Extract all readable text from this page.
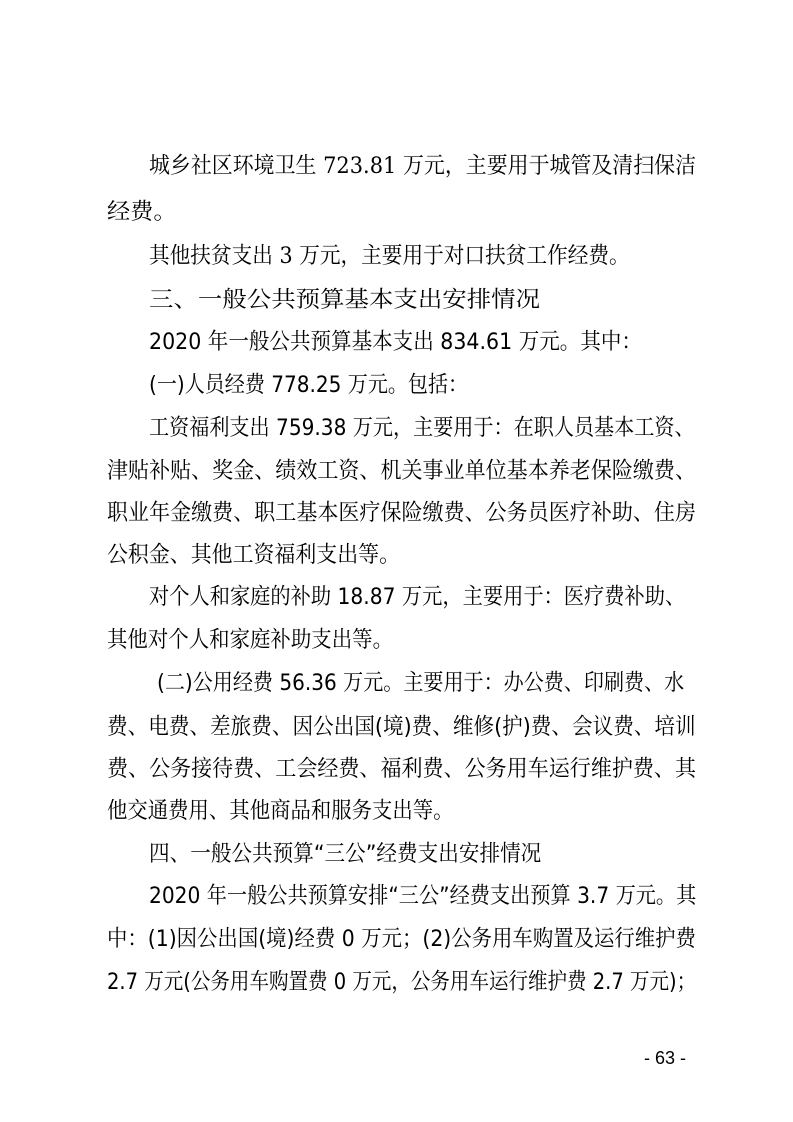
城乡社区环境卫生 723.81 万元，主要用于城管及清扫保洁

经费。

其他扶贫支出 3 万元，主要用于对口扶贫工作经费。

三、一般公共预算基本支出安排情况

2020 年一般公共预算基本支出 834.61 万元。其中：

(一)人员经费 778.25 万元。包括：

工资福利支出 759.38 万元，主要用于：在职人员基本工资、

津贴补贴、奖金、绩效工资、机关事业单位基本养老保险缴费、

职业年金缴费、职工基本医疗保险缴费、公务员医疗补助、住房

公积金、其他工资福利支出等。

对个人和家庭的补助 18.87 万元，主要用于：医疗费补助、

其他对个人和家庭补助支出等。

(二)公用经费 56.36 万元。主要用于：办公费、印刷费、水

费、电费、差旅费、因公出国(境)费、维修(护)费、会议费、培训

费、公务接待费、工会经费、福利费、公务用车运行维护费、其

他交通费用、其他商品和服务支出等。

四、一般公共预算“三公”经费支出安排情况

2020 年一般公共预算安排“三公”经费支出预算 3.7 万元。其

中：(1)因公出国(境)经费 0 万元；(2)公务用车购置及运行维护费

2.7 万元(公务用车购置费 0 万元，公务用车运行维护费 2.7 万元)；

- 63 -
